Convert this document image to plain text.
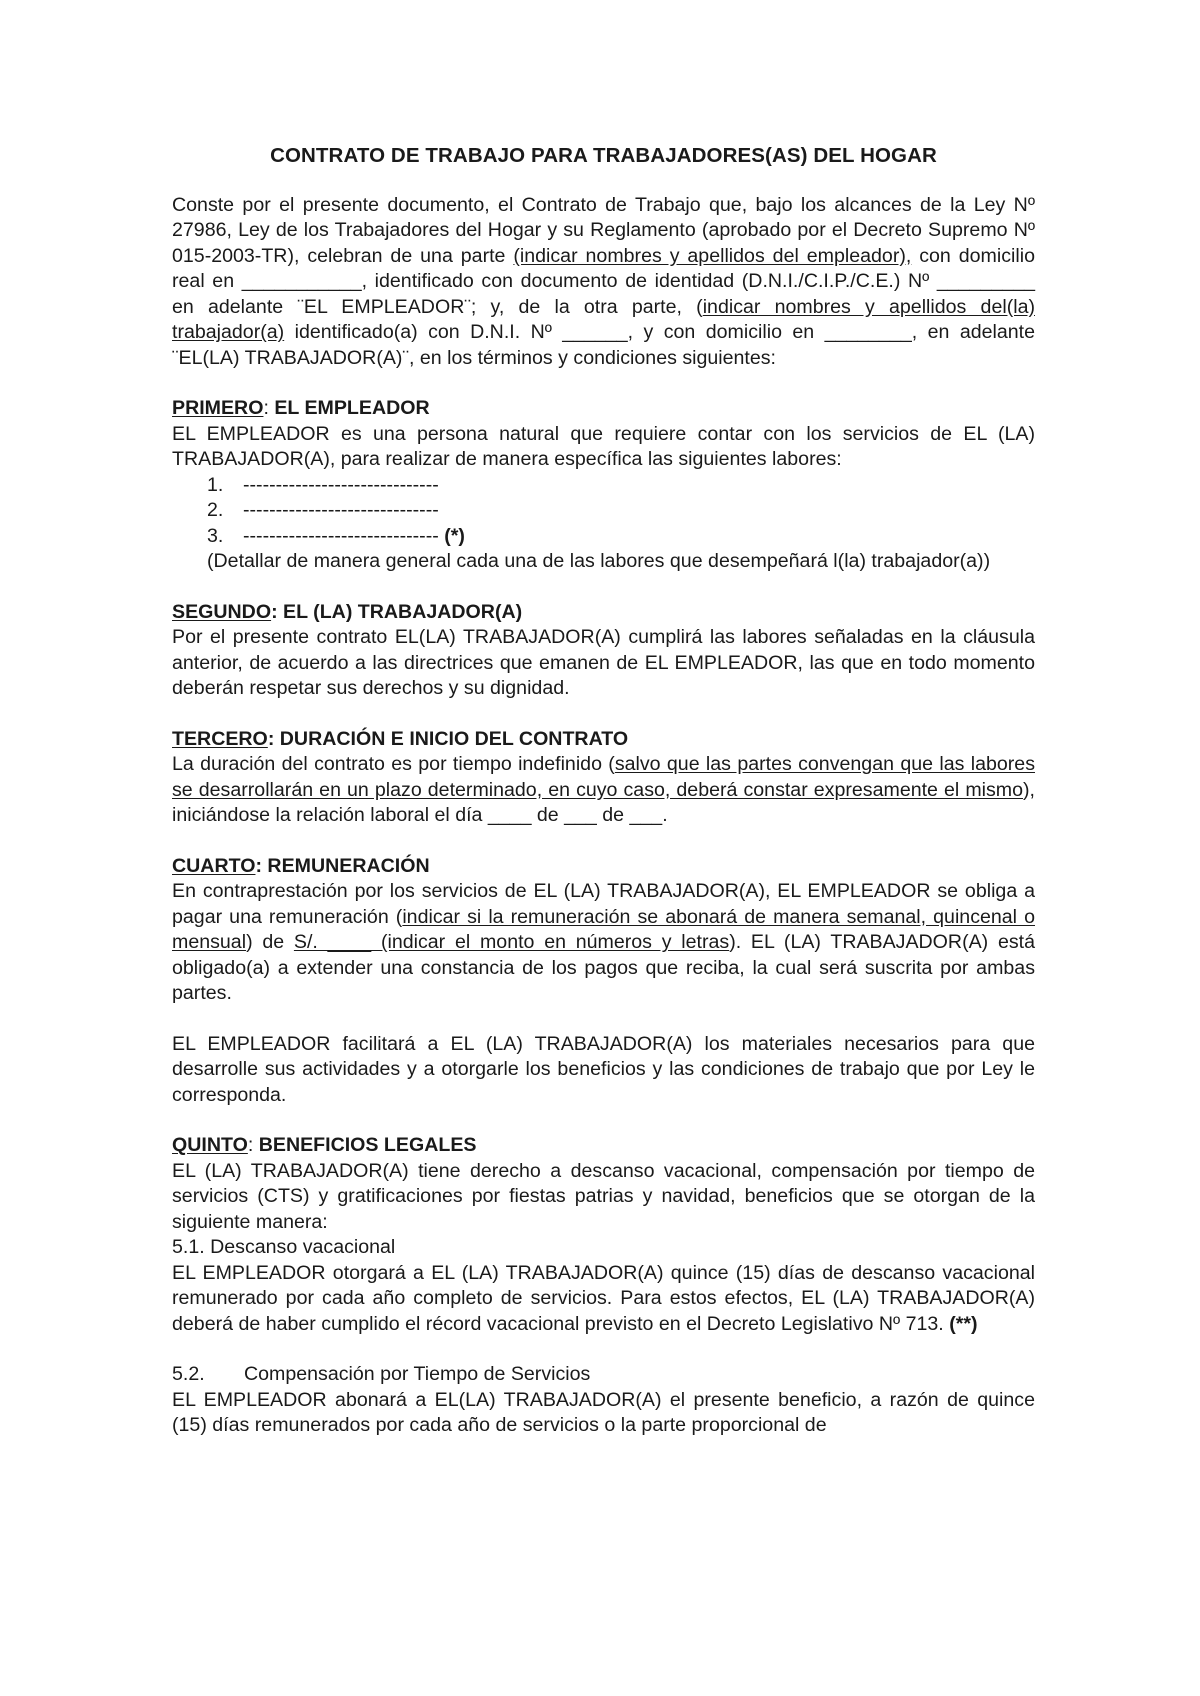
CONTRATO DE TRABAJO PARA TRABAJADORES(AS) DEL HOGAR

Conste por el presente documento, el Contrato de Trabajo que, bajo los alcances de la Ley Nº 27986, Ley de los Trabajadores del Hogar y su Reglamento (aprobado por el Decreto Supremo Nº 015-2003-TR), celebran de una parte (indicar nombres y apellidos del empleador), con domicilio real en ___________, identificado con documento de identidad (D.N.I./C.I.P./C.E.) Nº _________ en adelante ¨EL EMPLEADOR¨; y, de la otra parte, (indicar nombres y apellidos del(la) trabajador(a) identificado(a) con D.N.I. Nº ______, y con domicilio en ________, en adelante ¨EL(LA) TRABAJADOR(A)¨, en los términos y condiciones siguientes:

PRIMERO: EL EMPLEADOR

EL EMPLEADOR es una persona natural que requiere contar con los servicios de EL (LA) TRABAJADOR(A), para realizar de manera específica las siguientes labores:

1. ------------------------------
2. ------------------------------
3. ------------------------------ (*)

(Detallar de manera general cada una de las labores que desempeñará l(la) trabajador(a))

SEGUNDO: EL (LA) TRABAJADOR(A)

Por el presente contrato EL(LA) TRABAJADOR(A) cumplirá las labores señaladas en la cláusula anterior, de acuerdo a las directrices que emanen de EL EMPLEADOR, las que en todo momento deberán respetar sus derechos y su dignidad.

TERCERO: DURACIÓN E INICIO DEL CONTRATO

La duración del contrato es por tiempo indefinido (salvo que las partes convengan que las labores se desarrollarán en un plazo determinado, en cuyo caso, deberá constar expresamente el mismo), iniciándose la relación laboral el día ____ de ___ de ___.

CUARTO: REMUNERACIÓN

En contraprestación por los servicios de EL (LA) TRABAJADOR(A), EL EMPLEADOR se obliga a pagar una remuneración (indicar si la remuneración se abonará de manera semanal, quincenal o mensual) de S/. ____ (indicar el monto en números y letras). EL (LA) TRABAJADOR(A) está obligado(a) a extender una constancia de los pagos que reciba, la cual será suscrita por ambas partes.

EL EMPLEADOR facilitará a EL (LA) TRABAJADOR(A) los materiales necesarios para que desarrolle sus actividades y a otorgarle los beneficios y las condiciones de trabajo que por Ley le corresponda.

QUINTO: BENEFICIOS LEGALES

EL (LA) TRABAJADOR(A) tiene derecho a descanso vacacional, compensación por tiempo de servicios (CTS) y gratificaciones por fiestas patrias y navidad, beneficios que se otorgan de la siguiente manera:

5.1. Descanso vacacional

EL EMPLEADOR otorgará a EL (LA) TRABAJADOR(A) quince (15) días de descanso vacacional remunerado por cada año completo de servicios. Para estos efectos, EL (LA) TRABAJADOR(A) deberá de haber cumplido el récord vacacional previsto en el Decreto Legislativo Nº 713. (**)

5.2. Compensación por Tiempo de Servicios

EL EMPLEADOR abonará a EL(LA) TRABAJADOR(A) el presente beneficio, a razón de quince (15) días remunerados por cada año de servicios o la parte proporcional de
